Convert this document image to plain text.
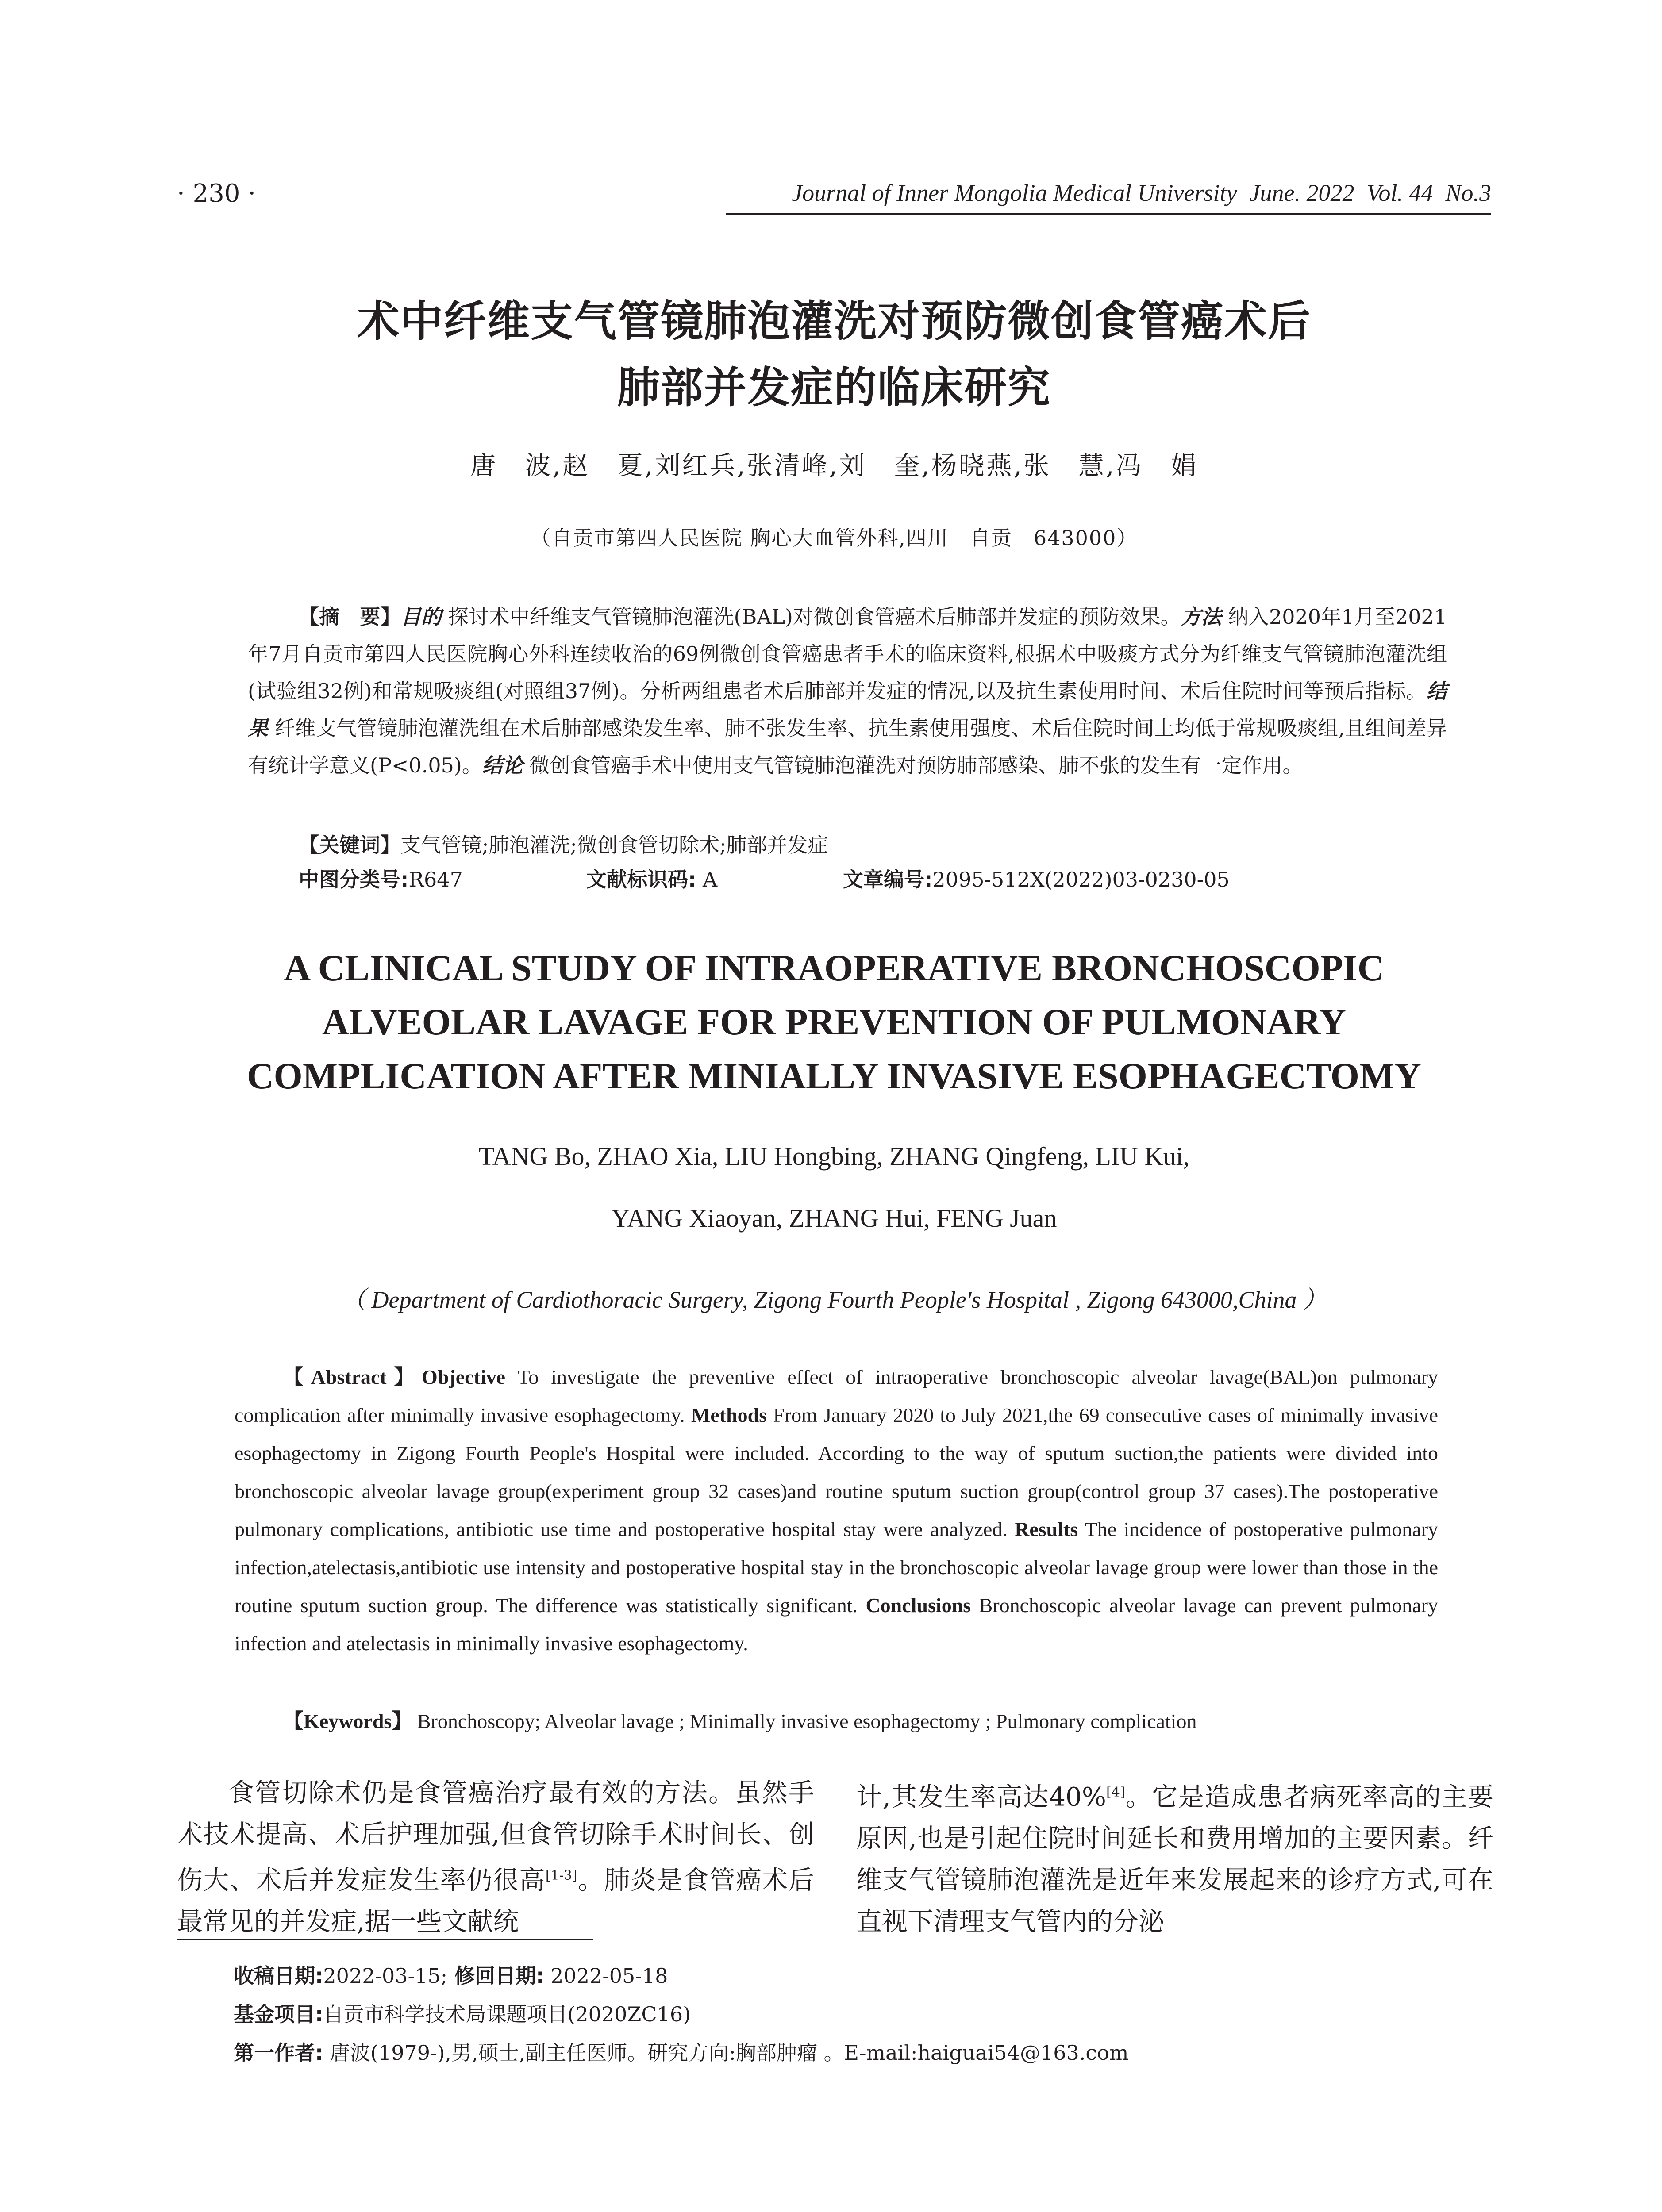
· 230 ·	Journal of Inner Mongolia Medical University June. 2022 Vol. 44 No.3
术中纤维支气管镜肺泡灌洗对预防微创食管癌术后
肺部并发症的临床研究
唐　波,赵　夏,刘红兵,张清峰,刘　奎,杨晓燕,张　慧,冯　娟
（自贡市第四人民医院 胸心大血管外科,四川　自贡　643000）
【摘　要】目的 探讨术中纤维支气管镜肺泡灌洗(BAL)对微创食管癌术后肺部并发症的预防效果。方法 纳入2020年1月至2021年7月自贡市第四人民医院胸心外科连续收治的69例微创食管癌患者手术的临床资料,根据术中吸痰方式分为纤维支气管镜肺泡灌洗组(试验组32例)和常规吸痰组(对照组37例)。分析两组患者术后肺部并发症的情况,以及抗生素使用时间、术后住院时间等预后指标。结果 纤维支气管镜肺泡灌洗组在术后肺部感染发生率、肺不张发生率、抗生素使用强度、术后住院时间上均低于常规吸痰组,且组间差异有统计学意义(P<0.05)。结论 微创食管癌手术中使用支气管镜肺泡灌洗对预防肺部感染、肺不张的发生有一定作用。
【关键词】支气管镜;肺泡灌洗;微创食管切除术;肺部并发症
中图分类号:R647	文献标识码: A	文章编号:2095-512X(2022)03-0230-05
A CLINICAL STUDY OF INTRAOPERATIVE BRONCHOSCOPIC
ALVEOLAR LAVAGE FOR PREVENTION OF PULMONARY
COMPLICATION AFTER MINIALLY INVASIVE ESOPHAGECTOMY
TANG Bo, ZHAO Xia, LIU Hongbing, ZHANG Qingfeng, LIU Kui,
YANG Xiaoyan, ZHANG Hui, FENG Juan
（ Department of Cardiothoracic Surgery, Zigong Fourth People's Hospital , Zigong 643000,China ）
【Abstract】Objective To investigate the preventive effect of intraoperative bronchoscopic alveolar lavage(BAL)on pulmonary complication after minimally invasive esophagectomy. Methods From January 2020 to July 2021,the 69 consecutive cases of minimally invasive esophagectomy in Zigong Fourth People's Hospital were included. According to the way of sputum suction,the patients were divided into bronchoscopic alveolar lavage group(experiment group 32 cases)and routine sputum suction group(control group 37 cases).The postoperative pulmonary complications, antibiotic use time and postoperative hospital stay were analyzed. Results The incidence of postoperative pulmonary infection,atelectasis,antibiotic use intensity and postoperative hospital stay in the bronchoscopic alveolar lavage group were lower than those in the routine sputum suction group. The difference was statistically significant. Conclusions Bronchoscopic alveolar lavage can prevent pulmonary infection and atelectasis in minimally invasive esophagectomy.
【Keywords】 Bronchoscopy; Alveolar lavage ; Minimally invasive esophagectomy ; Pulmonary complication
食管切除术仍是食管癌治疗最有效的方法。虽然手术技术提高、术后护理加强,但食管切除手术时间长、创伤大、术后并发症发生率仍很高[1-3]。肺炎是食管癌术后最常见的并发症,据一些文献统
计,其发生率高达40%[4]。它是造成患者病死率高的主要原因,也是引起住院时间延长和费用增加的主要因素。纤维支气管镜肺泡灌洗是近年来发展起来的诊疗方式,可在直视下清理支气管内的分泌
收稿日期:2022-03-15; 修回日期: 2022-05-18
基金项目:自贡市科学技术局课题项目(2020ZC16)
第一作者: 唐波(1979-),男,硕士,副主任医师。研究方向:胸部肿瘤 。E-mail:haiguai54@163.com
